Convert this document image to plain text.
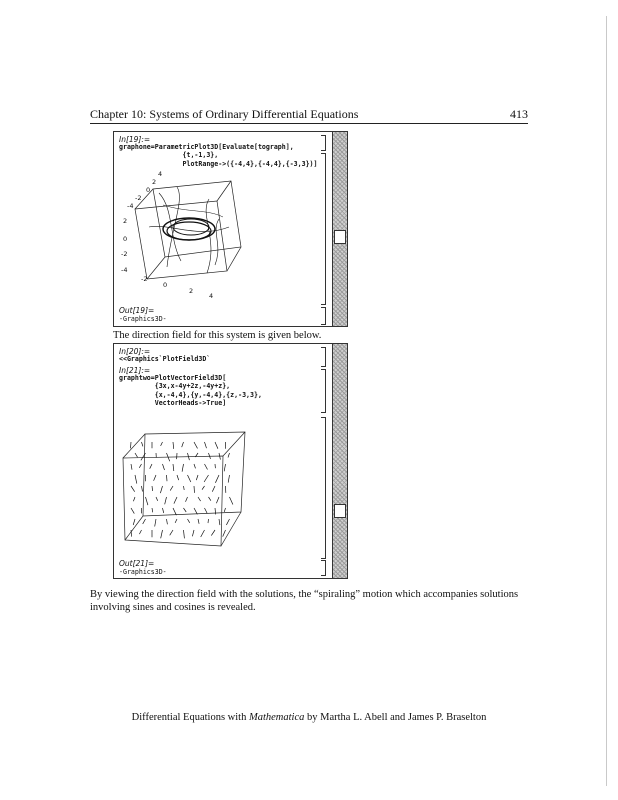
Chapter 10: Systems of Ordinary Differential Equations	413
In[19]:=
graphone=ParametricPlot3D[Evaluate[tograph],
{t,-1,3},
PlotRange->({-4,4},{-4,4},{-3,3})]
4
2
0
-2
-4
2
0
-2
-4
-2
0
2
4
Out[19]=
-Graphics3D-
The direction field for this system is given below.
In[20]:=
<<Graphics`PlotField3D`
In[21]:=
graphtwo=PlotVectorField3D[
{3x,x-4y+2z,-4y+z},
{x,-4,4},{y,-4,4},{z,-3,3},
VectorHeads->True]
Out[21]=
-Graphics3D-

By viewing the direction field with the solutions, the “spiraling” motion which accompanies solutions involving sines and cosines is revealed.

Differential Equations with Mathematica by Martha L. Abell and James P. Braselton
